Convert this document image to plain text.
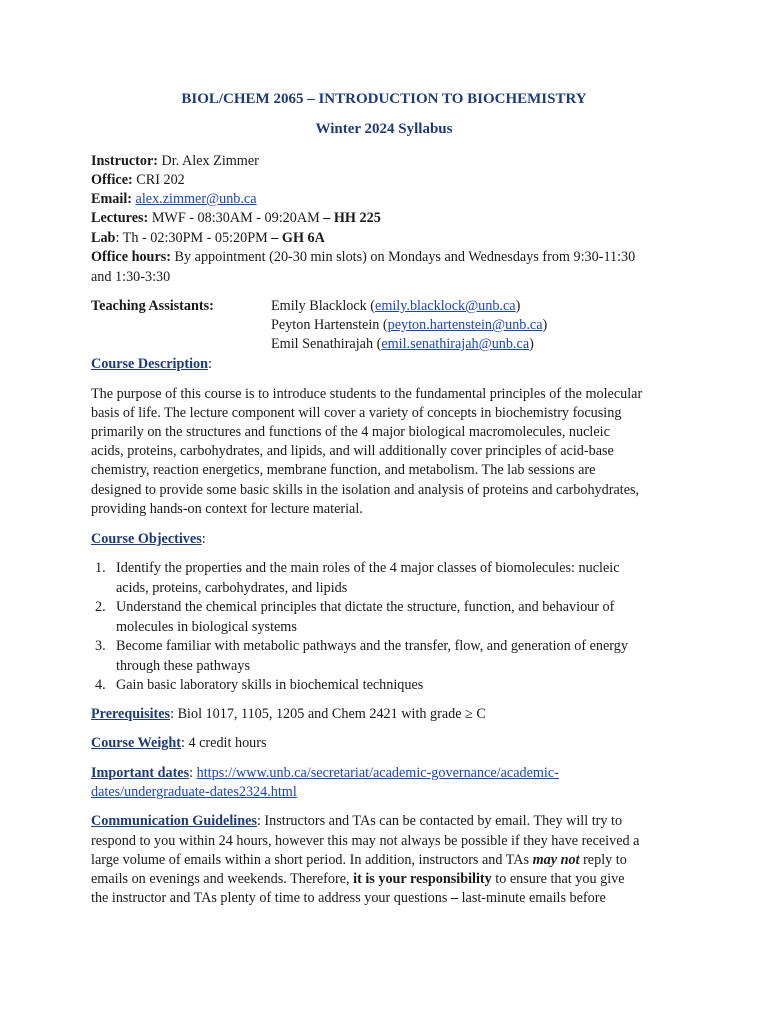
BIOL/CHEM 2065 – INTRODUCTION TO BIOCHEMISTRY
Winter 2024 Syllabus
Instructor: Dr. Alex Zimmer
Office: CRI 202
Email: alex.zimmer@unb.ca
Lectures: MWF - 08:30AM - 09:20AM – HH 225
Lab: Th - 02:30PM - 05:20PM – GH 6A
Office hours: By appointment (20-30 min slots) on Mondays and Wednesdays from 9:30-11:30
and 1:30-3:30
Teaching Assistants:	Emily Blacklock (emily.blacklock@unb.ca)
Peyton Hartenstein (peyton.hartenstein@unb.ca)
Emil Senathirajah (emil.senathirajah@unb.ca)
Course Description:
The purpose of this course is to introduce students to the fundamental principles of the molecular
basis of life. The lecture component will cover a variety of concepts in biochemistry focusing
primarily on the structures and functions of the 4 major biological macromolecules, nucleic
acids, proteins, carbohydrates, and lipids, and will additionally cover principles of acid-base
chemistry, reaction energetics, membrane function, and metabolism. The lab sessions are
designed to provide some basic skills in the isolation and analysis of proteins and carbohydrates,
providing hands-on context for lecture material.
Course Objectives:
1. Identify the properties and the main roles of the 4 major classes of biomolecules: nucleic
acids, proteins, carbohydrates, and lipids
2. Understand the chemical principles that dictate the structure, function, and behaviour of
molecules in biological systems
3. Become familiar with metabolic pathways and the transfer, flow, and generation of energy
through these pathways
4. Gain basic laboratory skills in biochemical techniques
Prerequisites: Biol 1017, 1105, 1205 and Chem 2421 with grade ≥ C
Course Weight: 4 credit hours
Important dates: https://www.unb.ca/secretariat/academic-governance/academic-
dates/undergraduate-dates2324.html
Communication Guidelines: Instructors and TAs can be contacted by email. They will try to
respond to you within 24 hours, however this may not always be possible if they have received a
large volume of emails within a short period. In addition, instructors and TAs may not reply to
emails on evenings and weekends. Therefore, it is your responsibility to ensure that you give
the instructor and TAs plenty of time to address your questions – last-minute emails before
